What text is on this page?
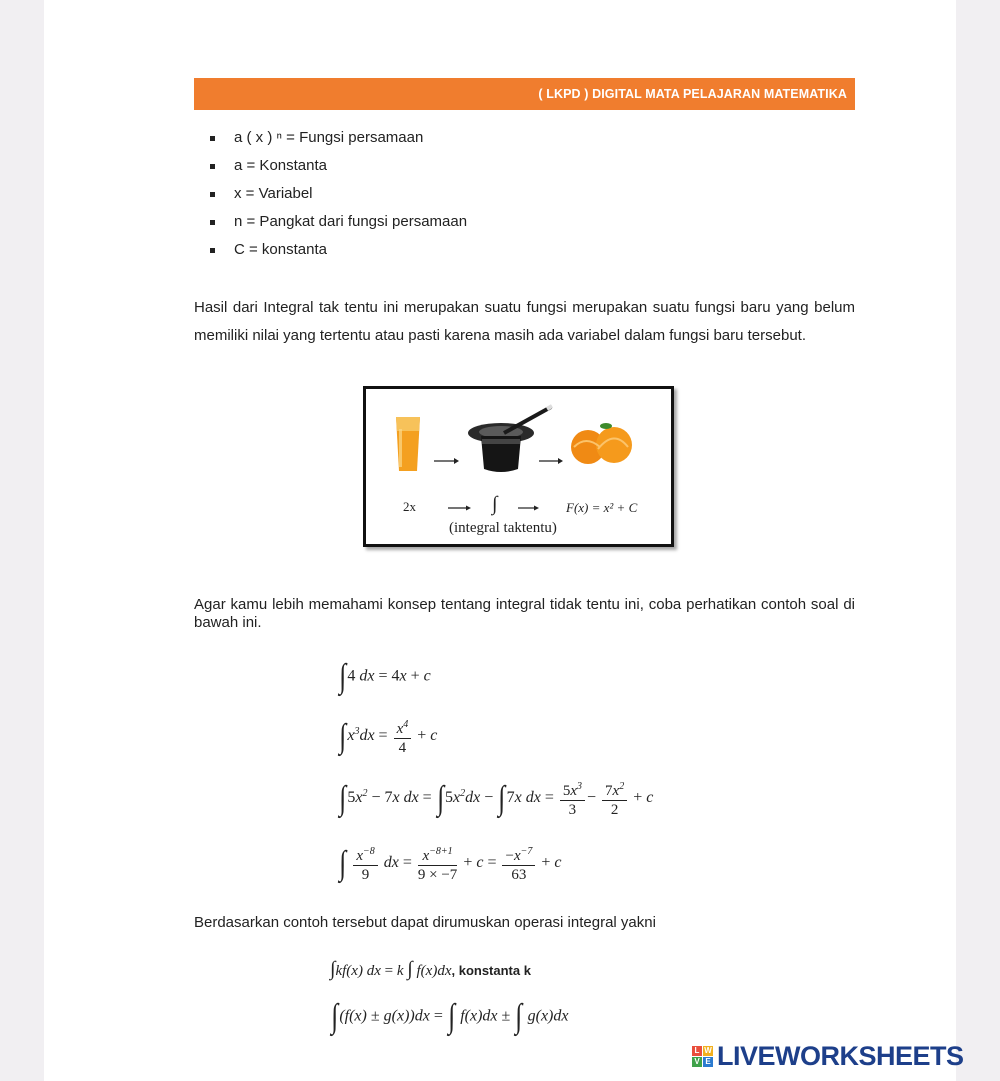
( LKPD ) DIGITAL MATA PELAJARAN MATEMATIKA
a ( x ) ⁿ = Fungsi persamaan
a = Konstanta
x = Variabel
n = Pangkat dari fungsi persamaan
C = konstanta

Hasil dari Integral tak tentu ini merupakan suatu fungsi merupakan suatu fungsi baru yang belum memiliki nilai yang tertentu atau pasti karena masih ada variabel dalam fungsi baru tersebut.

2x	∫	F(x) = x² + C
(integral taktentu)

Agar kamu lebih memahami konsep tentang integral tidak tentu ini, coba perhatikan contoh soal di bawah ini.

∫4 dx = 4x + c
$\int x^3dx = \frac{x^4}{4} + c$
$\int 5x^2 - 7x$ dx = $\int 5x^2dx - \int 7x$ dx = $\frac{5x^3}{3} - \frac{7x^2}{2} + c$
∫ $\frac{x^{-8}}{9}$ dx = $\frac{x^{-8+1}}{9 \times -7} + c = \frac{-x^{-7}}{63} + c$

Berdasarkan contoh tersebut dapat dirumuskan operasi integral yakni

∫kf(x) dx = k ∫ f(x)dx, konstanta k
∫(f(x) ± g(x))dx = ∫ f(x)dx ± ∫ g(x)dx
L W
V E LIVEWORKSHEETS
